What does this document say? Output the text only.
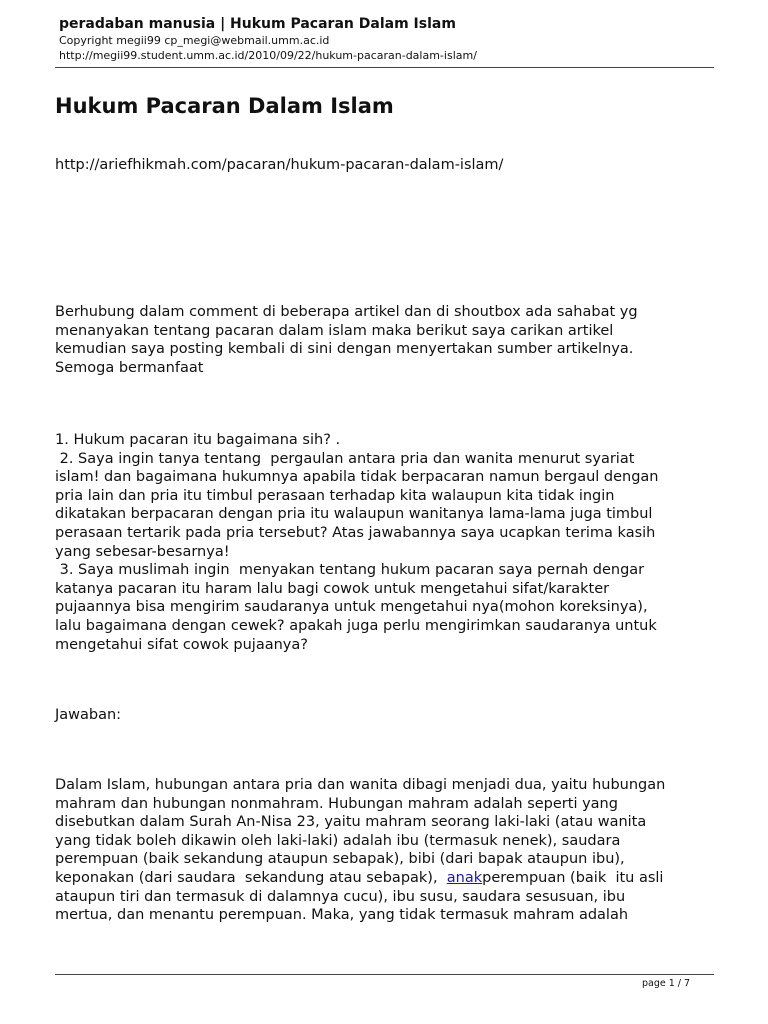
peradaban manusia | Hukum Pacaran Dalam Islam
Copyright megii99 cp_megi@webmail.umm.ac.id
http://megii99.student.umm.ac.id/2010/09/22/hukum-pacaran-dalam-islam/
Hukum Pacaran Dalam Islam
http://ariefhikmah.com/pacaran/hukum-pacaran-dalam-islam/
Berhubung dalam comment di beberapa artikel dan di shoutbox ada sahabat yg
menanyakan tentang pacaran dalam islam maka berikut saya carikan artikel
kemudian saya posting kembali di sini dengan menyertakan sumber artikelnya.
Semoga bermanfaat
1. Hukum pacaran itu bagaimana sih? .
2. Saya ingin tanya tentang  pergaulan antara pria dan wanita menurut syariat
islam! dan bagaimana hukumnya apabila tidak berpacaran namun bergaul dengan
pria lain dan pria itu timbul perasaan terhadap kita walaupun kita tidak ingin
dikatakan berpacaran dengan pria itu walaupun wanitanya lama-lama juga timbul
perasaan tertarik pada pria tersebut? Atas jawabannya saya ucapkan terima kasih
yang sebesar-besarnya!
3. Saya muslimah ingin  menyakan tentang hukum pacaran saya pernah dengar
katanya pacaran itu haram lalu bagi cowok untuk mengetahui sifat/karakter
pujaannya bisa mengirim saudaranya untuk mengetahui nya(mohon koreksinya),
lalu bagaimana dengan cewek? apakah juga perlu mengirimkan saudaranya untuk
mengetahui sifat cowok pujaanya?
Jawaban:
Dalam Islam, hubungan antara pria dan wanita dibagi menjadi dua, yaitu hubungan
mahram dan hubungan nonmahram. Hubungan mahram adalah seperti yang
disebutkan dalam Surah An-Nisa 23, yaitu mahram seorang laki-laki (atau wanita
yang tidak boleh dikawin oleh laki-laki) adalah ibu (termasuk nenek), saudara
perempuan (baik sekandung ataupun sebapak), bibi (dari bapak ataupun ibu),
keponakan (dari saudara  sekandung atau sebapak),  anakperempuan (baik  itu asli
ataupun tiri dan termasuk di dalamnya cucu), ibu susu, saudara sesusuan, ibu
mertua, dan menantu perempuan. Maka, yang tidak termasuk mahram adalah
page 1 / 7
